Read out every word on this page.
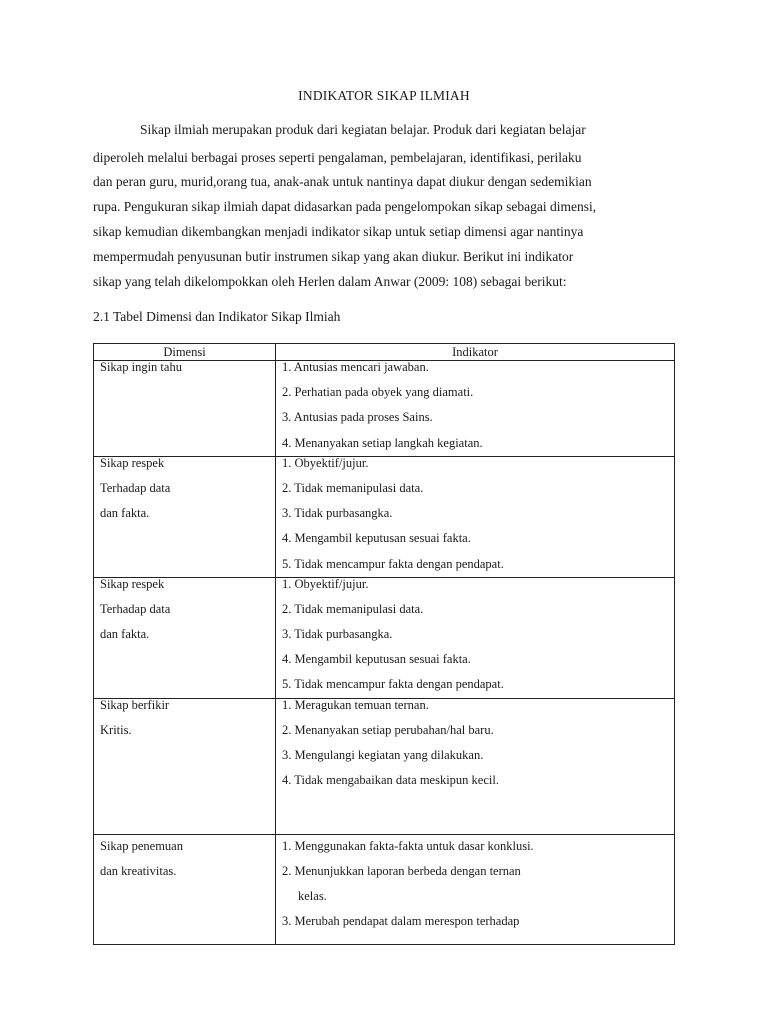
INDIKATOR SIKAP ILMIAH
Sikap ilmiah merupakan produk dari kegiatan belajar. Produk dari kegiatan belajar
diperoleh melalui berbagai proses seperti pengalaman, pembelajaran, identifikasi, perilaku
dan peran guru, murid,orang tua, anak-anak untuk nantinya dapat diukur dengan sedemikian
rupa. Pengukuran sikap ilmiah dapat didasarkan pada pengelompokan sikap sebagai dimensi,
sikap kemudian dikembangkan menjadi indikator sikap untuk setiap dimensi agar nantinya
mempermudah penyusunan butir instrumen sikap yang akan diukur. Berikut ini indikator
sikap yang telah dikelompokkan oleh Herlen dalam Anwar (2009: 108) sebagai berikut:
2.1 Tabel Dimensi dan Indikator Sikap Ilmiah
Dimensi	Indikator

Sikap ingin tahu	1. Antusias mencari jawaban.
2. Perhatian pada obyek yang diamati.
3. Antusias pada proses Sains.
4. Menanyakan setiap langkah kegiatan.

Sikap respek
Terhadap data
dan fakta.	1. Obyektif/jujur.
2. Tidak memanipulasi data.
3. Tidak purbasangka.
4. Mengambil keputusan sesuai fakta.
5. Tidak mencampur fakta dengan pendapat.

Sikap respek
Terhadap data
dan fakta.	1. Obyektif/jujur.
2. Tidak memanipulasi data.
3. Tidak purbasangka.
4. Mengambil keputusan sesuai fakta.
5. Tidak mencampur fakta dengan pendapat.

Sikap berfikir
Kritis.	1. Meragukan temuan ternan.
2. Menanyakan setiap perubahan/hal baru.
3. Mengulangi kegiatan yang dilakukan.
4. Tidak mengabaikan data meskipun kecil.

Sikap penemuan
dan kreativitas.	1. Menggunakan fakta-fakta untuk dasar konklusi.
2. Menunjukkan laporan berbeda dengan ternan
kelas.
3. Merubah pendapat dalam merespon terhadap
